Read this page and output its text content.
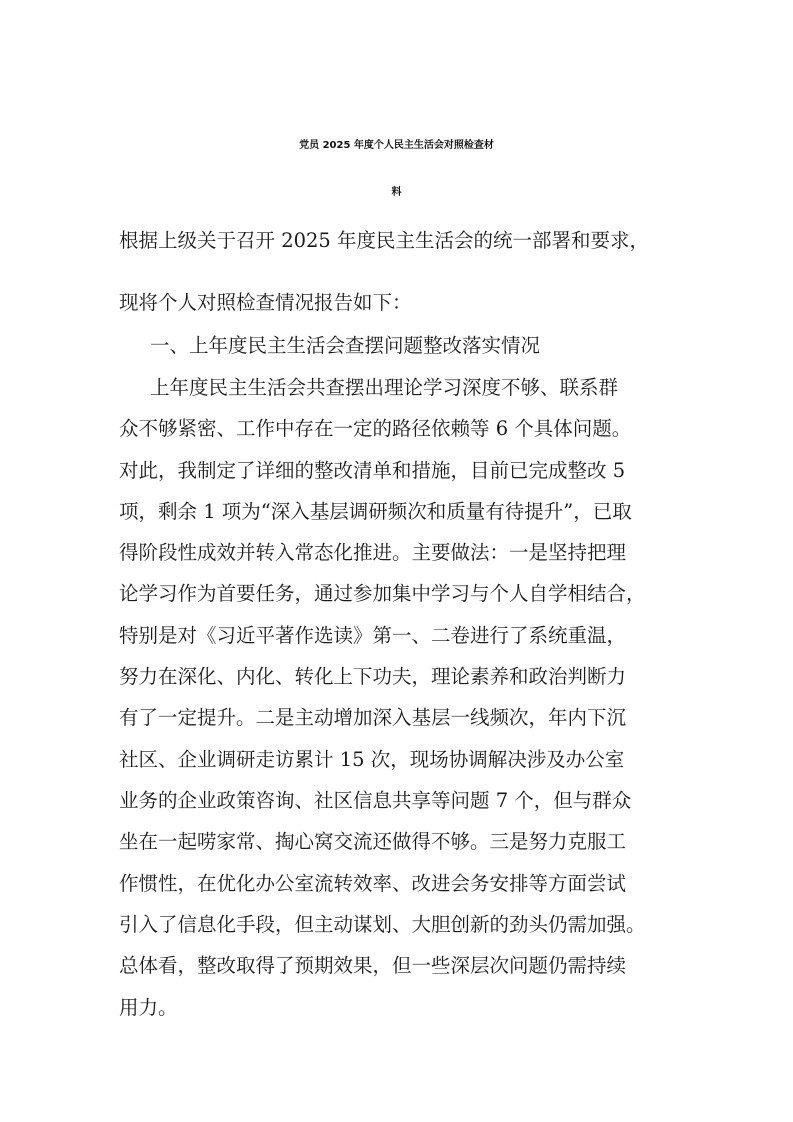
党员 2025 年度个人民主生活会对照检查材
料
根据上级关于召开 2025 年度民主生活会的统一部署和要求，
现将个人对照检查情况报告如下：
一、上年度民主生活会查摆问题整改落实情况
上年度民主生活会共查摆出理论学习深度不够、联系群
众不够紧密、工作中存在一定的路径依赖等 6 个具体问题。
对此，我制定了详细的整改清单和措施，目前已完成整改 5
项，剩余 1 项为“深入基层调研频次和质量有待提升”，已取
得阶段性成效并转入常态化推进。主要做法：一是坚持把理
论学习作为首要任务，通过参加集中学习与个人自学相结合，
特别是对《习近平著作选读》第一、二卷进行了系统重温，
努力在深化、内化、转化上下功夫，理论素养和政治判断力
有了一定提升。二是主动增加深入基层一线频次，年内下沉
社区、企业调研走访累计 15 次，现场协调解决涉及办公室
业务的企业政策咨询、社区信息共享等问题 7 个，但与群众
坐在一起唠家常、掏心窝交流还做得不够。三是努力克服工
作惯性，在优化办公室流转效率、改进会务安排等方面尝试
引入了信息化手段，但主动谋划、大胆创新的劲头仍需加强。
总体看，整改取得了预期效果，但一些深层次问题仍需持续
用力。
